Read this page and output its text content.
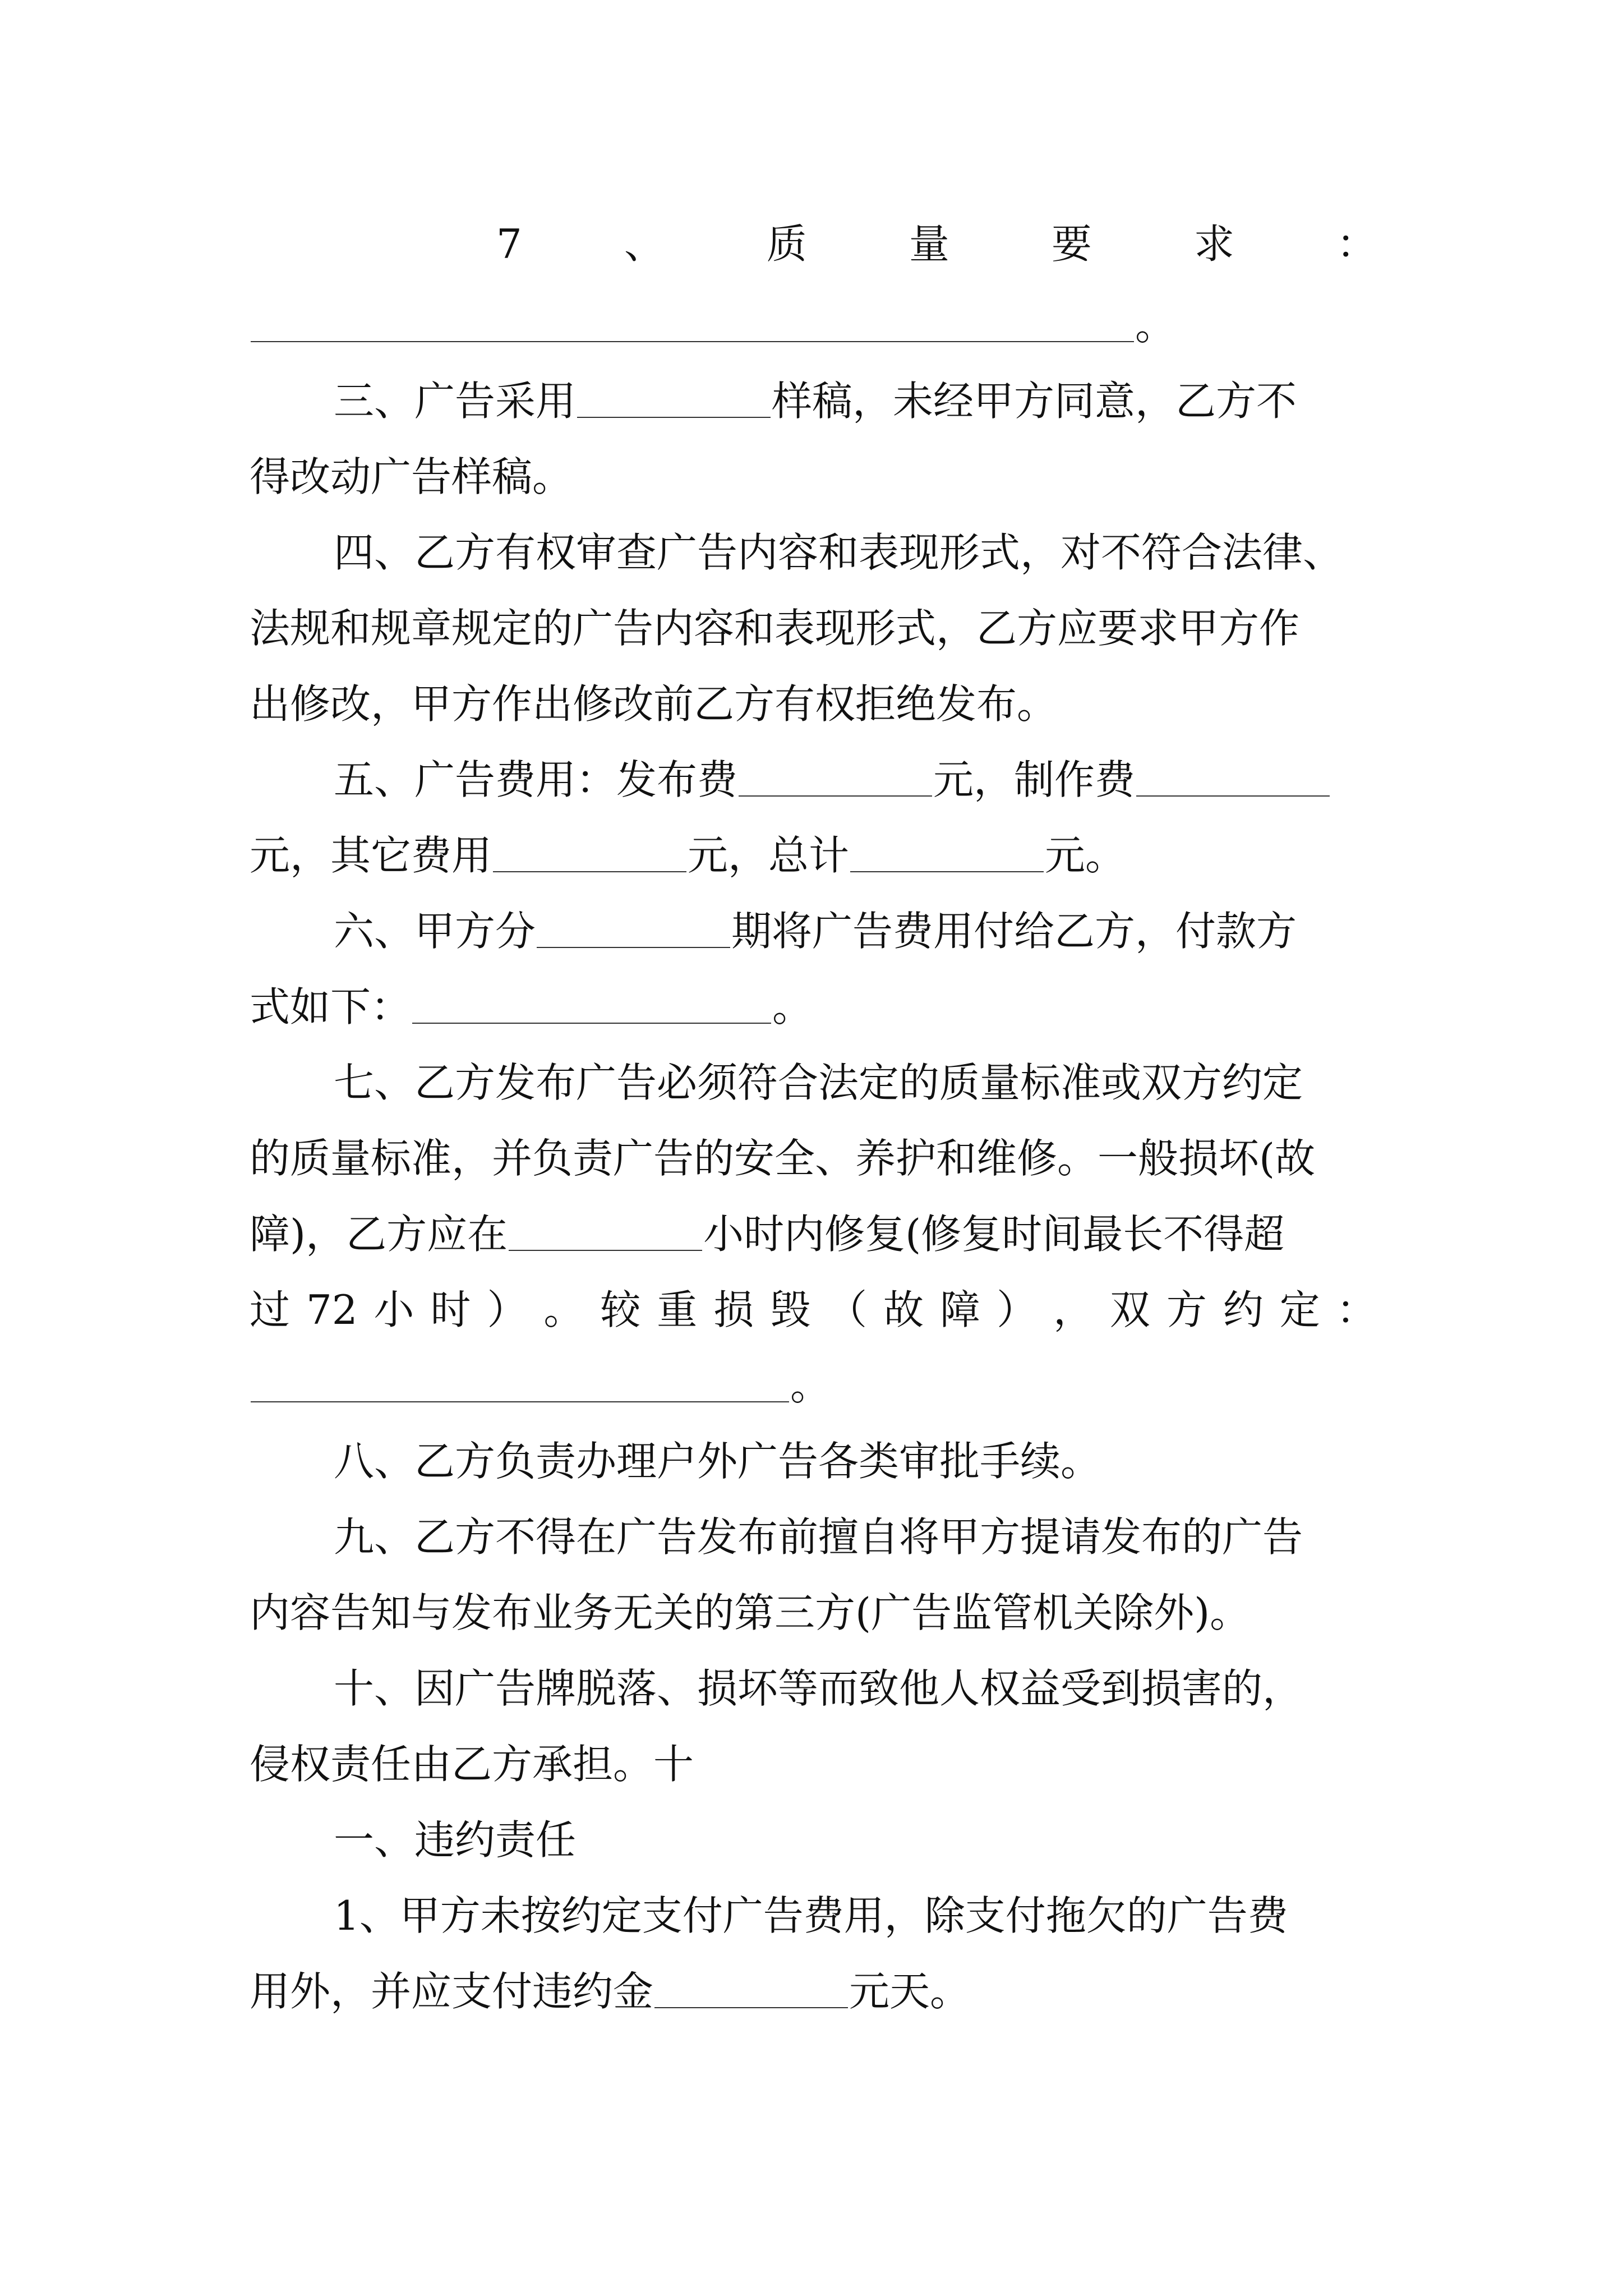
7	、	质	量	要	求	：
。
三、广告采用	样稿，未经甲方同意，乙方不
得改动广告样稿。
四、乙方有权审查广告内容和表现形式，对不符合法律、
法规和规章规定的广告内容和表现形式，乙方应要求甲方作
出修改，甲方作出修改前乙方有权拒绝发布。
五、广告费用：发布费	元，制作费
元，其它费用	元，总计	元。
六、甲方分	期将广告费用付给乙方，付款方
式如下：	。
七、乙方发布广告必须符合法定的质量标准或双方约定
的质量标准，并负责广告的安全、养护和维修。一般损坏(故
障)，乙方应在	小时内修复(修复时间最长不得超
过 72 小 时 ） 。 较 重 损 毁 （ 故 障 ） ， 双 方 约 定 ：
。
八、乙方负责办理户外广告各类审批手续。
九、乙方不得在广告发布前擅自将甲方提请发布的广告
内容告知与发布业务无关的第三方(广告监管机关除外)。
十、因广告牌脱落、损坏等而致他人权益受到损害的，
侵权责任由乙方承担。十
一、违约责任
1、甲方未按约定支付广告费用，除支付拖欠的广告费
用外，并应支付违约金	元天。
